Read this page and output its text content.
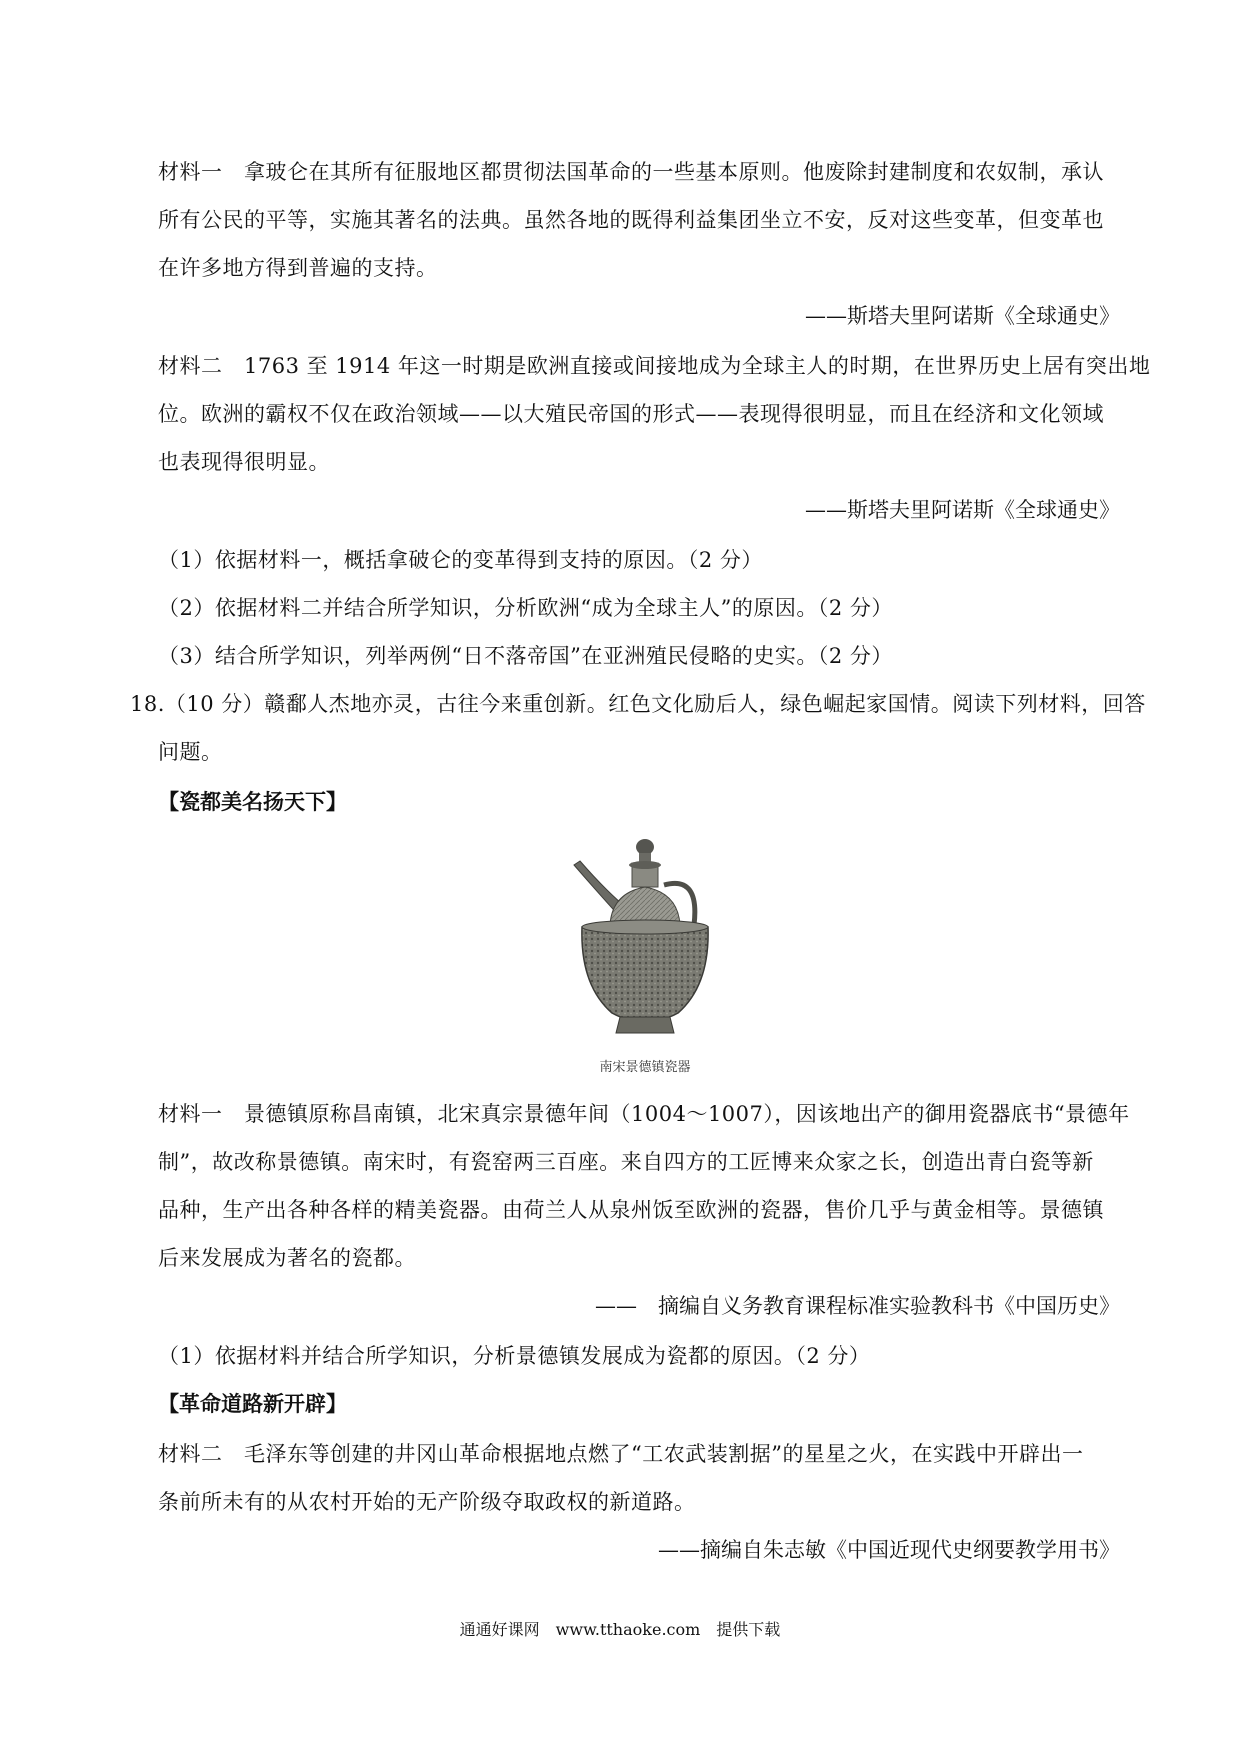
材料一　拿玻仑在其所有征服地区都贯彻法国革命的一些基本原则。他废除封建制度和农奴制，承认
所有公民的平等，实施其著名的法典。虽然各地的既得利益集团坐立不安，反对这些变革，但变革也
在许多地方得到普遍的支持。
——斯塔夫里阿诺斯《全球通史》
材料二　1763 至 1914 年这一时期是欧洲直接或间接地成为全球主人的时期，在世界历史上居有突出地
位。欧洲的霸权不仅在政治领域——以大殖民帝国的形式——表现得很明显，而且在经济和文化领域
也表现得很明显。
——斯塔夫里阿诺斯《全球通史》
（1）依据材料一，概括拿破仑的变革得到支持的原因。（2 分）
（2）依据材料二并结合所学知识，分析欧洲“成为全球主人”的原因。（2 分）
（3）结合所学知识，列举两例“日不落帝国”在亚洲殖民侵略的史实。（2 分）
18.（10 分）赣鄱人杰地亦灵，古往今来重创新。红色文化励后人，绿色崛起家国情。阅读下列材料，回答
问题。
【瓷都美名扬天下】
南宋景德镇瓷器
材料一　景德镇原称昌南镇，北宋真宗景德年间（1004～1007），因该地出产的御用瓷器底书“景德年
制”，故改称景德镇。南宋时，有瓷窑两三百座。来自四方的工匠博来众家之长，创造出青白瓷等新
品种，生产出各种各样的精美瓷器。由荷兰人从泉州饭至欧洲的瓷器，售价几乎与黄金相等。景德镇
后来发展成为著名的瓷都。
——　摘编自义务教育课程标准实验教科书《中国历史》
（1）依据材料并结合所学知识，分析景德镇发展成为瓷都的原因。（2 分）
【革命道路新开辟】
材料二　毛泽东等创建的井冈山革命根据地点燃了“工农武装割据”的星星之火，在实践中开辟出一
条前所未有的从农村开始的无产阶级夺取政权的新道路。
——摘编自朱志敏《中国近现代史纲要教学用书》
通通好课网　www.tthaoke.com　提供下载
